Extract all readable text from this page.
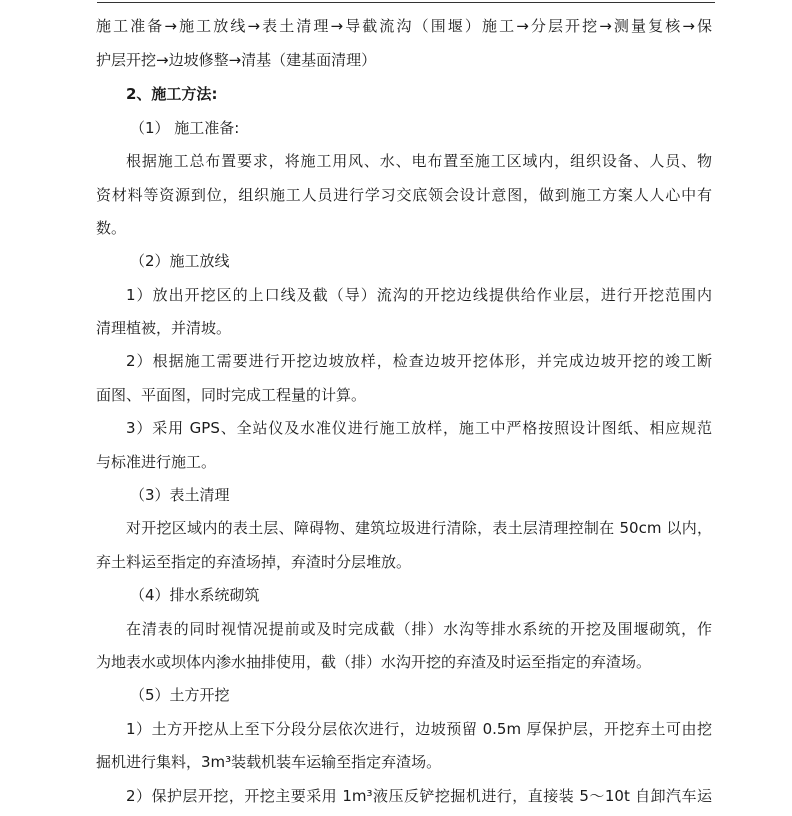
施工准备→施工放线→表土清理→导截流沟（围堰）施工→分层开挖→测量复核→保
护层开挖→边坡修整→清基（建基面清理）
2、施工方法:
（1） 施工准备:
根据施工总布置要求，将施工用风、水、电布置至施工区域内，组织设备、人员、物
资材料等资源到位，组织施工人员进行学习交底领会设计意图，做到施工方案人人心中有
数。
（2）施工放线
1）放出开挖区的上口线及截（导）流沟的开挖边线提供给作业层，进行开挖范围内
清理植被，并清坡。
2）根据施工需要进行开挖边坡放样，检查边坡开挖体形，并完成边坡开挖的竣工断
面图、平面图，同时完成工程量的计算。
3）采用 GPS、全站仪及水准仪进行施工放样，施工中严格按照设计图纸、相应规范
与标准进行施工。
（3）表土清理
对开挖区域内的表土层、障碍物、建筑垃圾进行清除，表土层清理控制在 50cm 以内，
弃土料运至指定的弃渣场掉，弃渣时分层堆放。
（4）排水系统砌筑
在清表的同时视情况提前或及时完成截（排）水沟等排水系统的开挖及围堰砌筑，作
为地表水或坝体内渗水抽排使用，截（排）水沟开挖的弃渣及时运至指定的弃渣场。
（5）土方开挖
1）土方开挖从上至下分段分层依次进行，边坡预留 0.5m 厚保护层，开挖弃土可由挖
掘机进行集料，3m³装载机装车运输至指定弃渣场。
2）保护层开挖，开挖主要采用 1m³液压反铲挖掘机进行，直接装 5～10t 自卸汽车运
